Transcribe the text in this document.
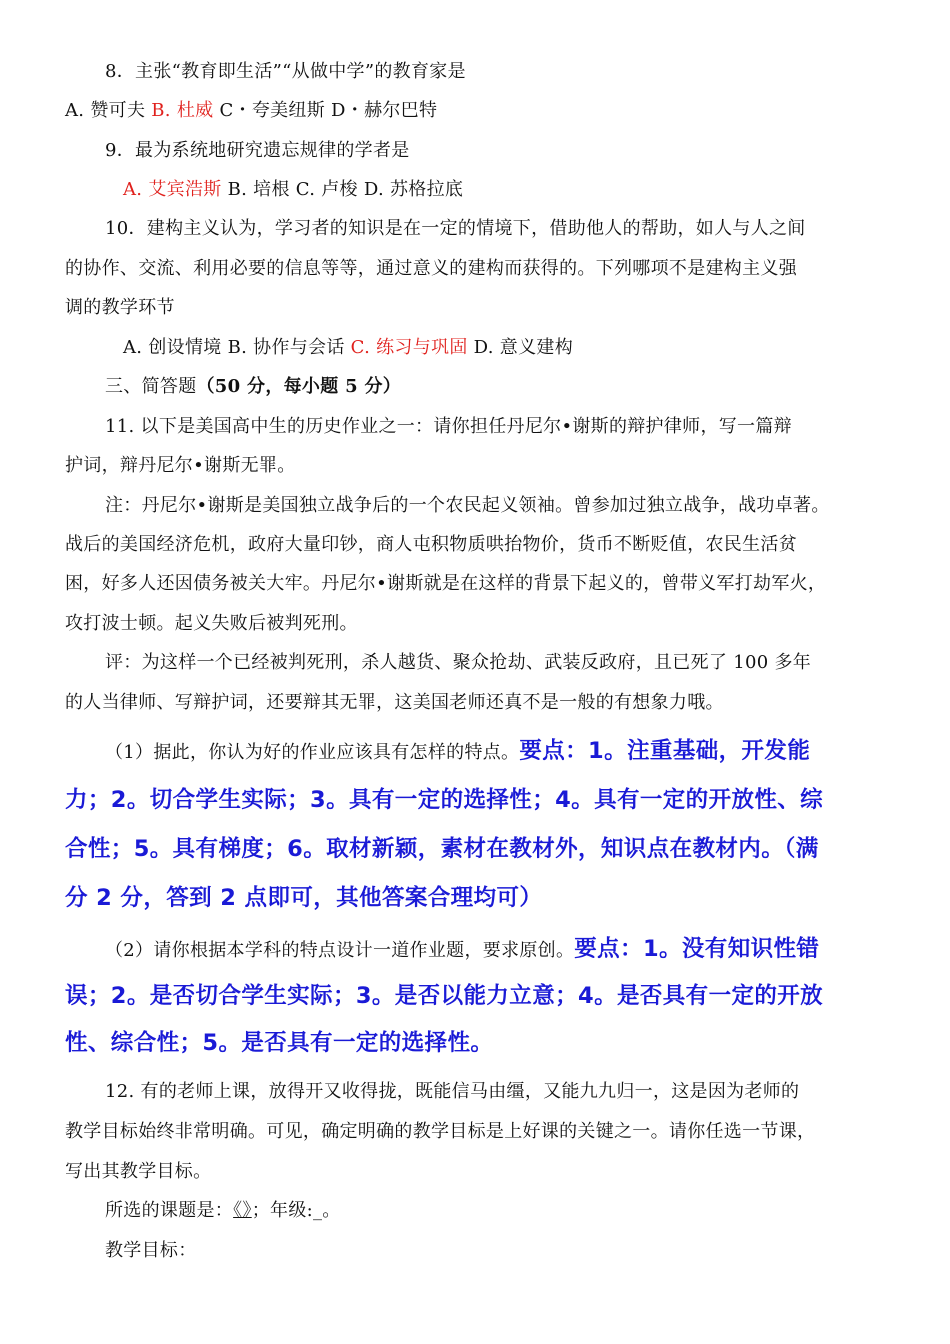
8．主张“教育即生活”“从做中学”的教育家是
A. 赞可夫 B. 杜威 C・夸美纽斯 D・赫尔巴特
9．最为系统地研究遗忘规律的学者是
A. 艾宾浩斯 B. 培根 C. 卢梭 D. 苏格拉底
10．建构主义认为，学习者的知识是在一定的情境下，借助他人的帮助，如人与人之间
的协作、交流、利用必要的信息等等，通过意义的建构而获得的。下列哪项不是建构主义强
调的教学环节
A. 创设情境 B. 协作与会话 C. 练习与巩固 D. 意义建构
三、简答题（50 分，每小题 5 分）
11. 以下是美国高中生的历史作业之一：请你担任丹尼尔•谢斯的辩护律师，写一篇辩
护词，辩丹尼尔•谢斯无罪。
注：丹尼尔•谢斯是美国独立战争后的一个农民起义领袖。曾参加过独立战争，战功卓著。
战后的美国经济危机，政府大量印钞，商人屯积物质哄抬物价，货币不断贬值，农民生活贫
困，好多人还因债务被关大牢。丹尼尔•谢斯就是在这样的背景下起义的，曾带义军打劫军火，
攻打波士顿。起义失败后被判死刑。
评：为这样一个已经被判死刑，杀人越货、聚众抢劫、武装反政府，且已死了 100 多年
的人当律师、写辩护词，还要辩其无罪，这美国老师还真不是一般的有想象力哦。
（1）据此，你认为好的作业应该具有怎样的特点。要点：1。注重基础，开发能
力；2。切合学生实际；3。具有一定的选择性；4。具有一定的开放性、综
合性；5。具有梯度；6。取材新颖，素材在教材外，知识点在教材内。（满
分 2 分，答到 2 点即可，其他答案合理均可）
（2）请你根据本学科的特点设计一道作业题，要求原创。要点：1。没有知识性错
误；2。是否切合学生实际；3。是否以能力立意；4。是否具有一定的开放
性、综合性；5。是否具有一定的选择性。
12. 有的老师上课，放得开又收得拢，既能信马由缰，又能九九归一，这是因为老师的
教学目标始终非常明确。可见，确定明确的教学目标是上好课的关键之一。请你任选一节课，
写出其教学目标。
所选的课题是：《》；年级:_。
教学目标：
